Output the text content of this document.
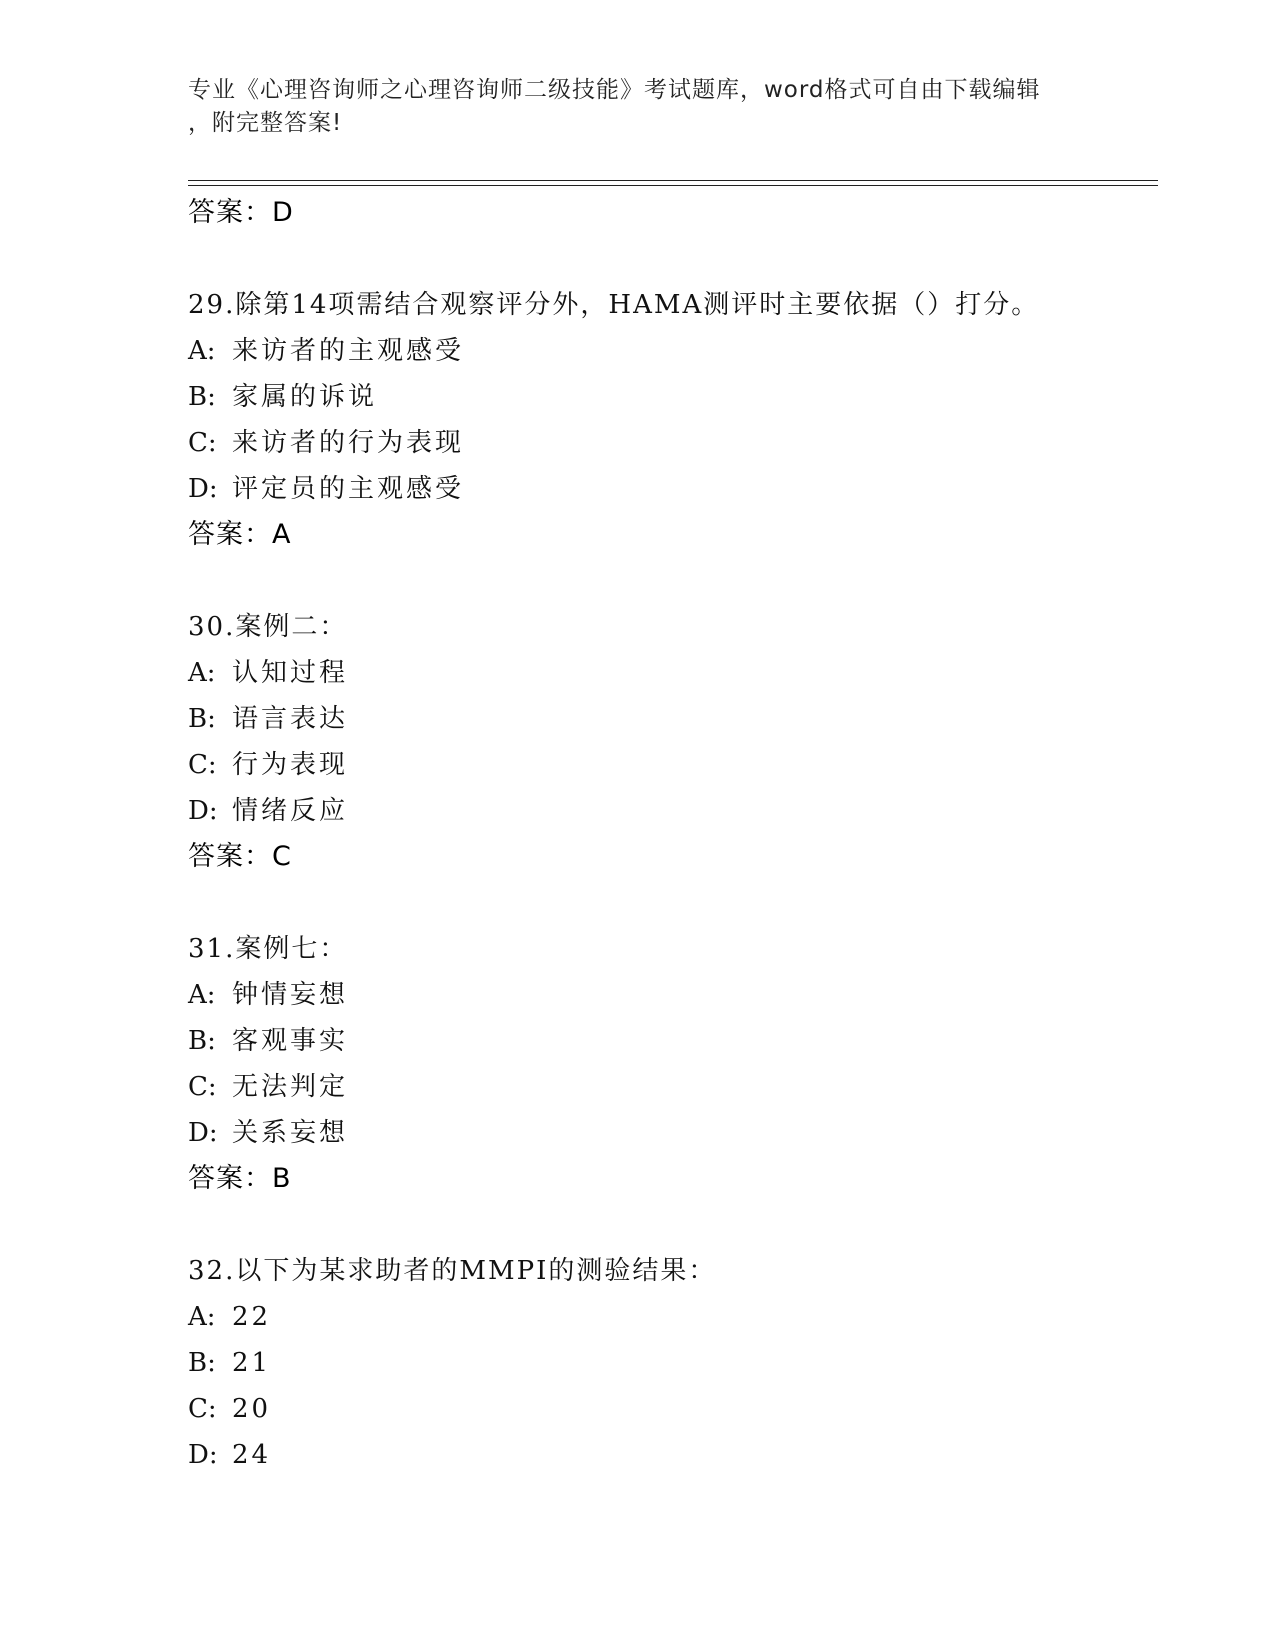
专业《心理咨询师之心理咨询师二级技能》考试题库，word格式可自由下载编辑
，附完整答案!
答案：D
29.除第14项需结合观察评分外，HAMA测评时主要依据（）打分。
A: 来访者的主观感受
B: 家属的诉说
C: 来访者的行为表现
D: 评定员的主观感受
答案：A
30.案例二：
A: 认知过程
B: 语言表达
C: 行为表现
D: 情绪反应
答案：C
31.案例七：
A: 钟情妄想
B: 客观事实
C: 无法判定
D: 关系妄想
答案：B
32.以下为某求助者的MMPI的测验结果：
A: 22
B: 21
C: 20
D: 24
